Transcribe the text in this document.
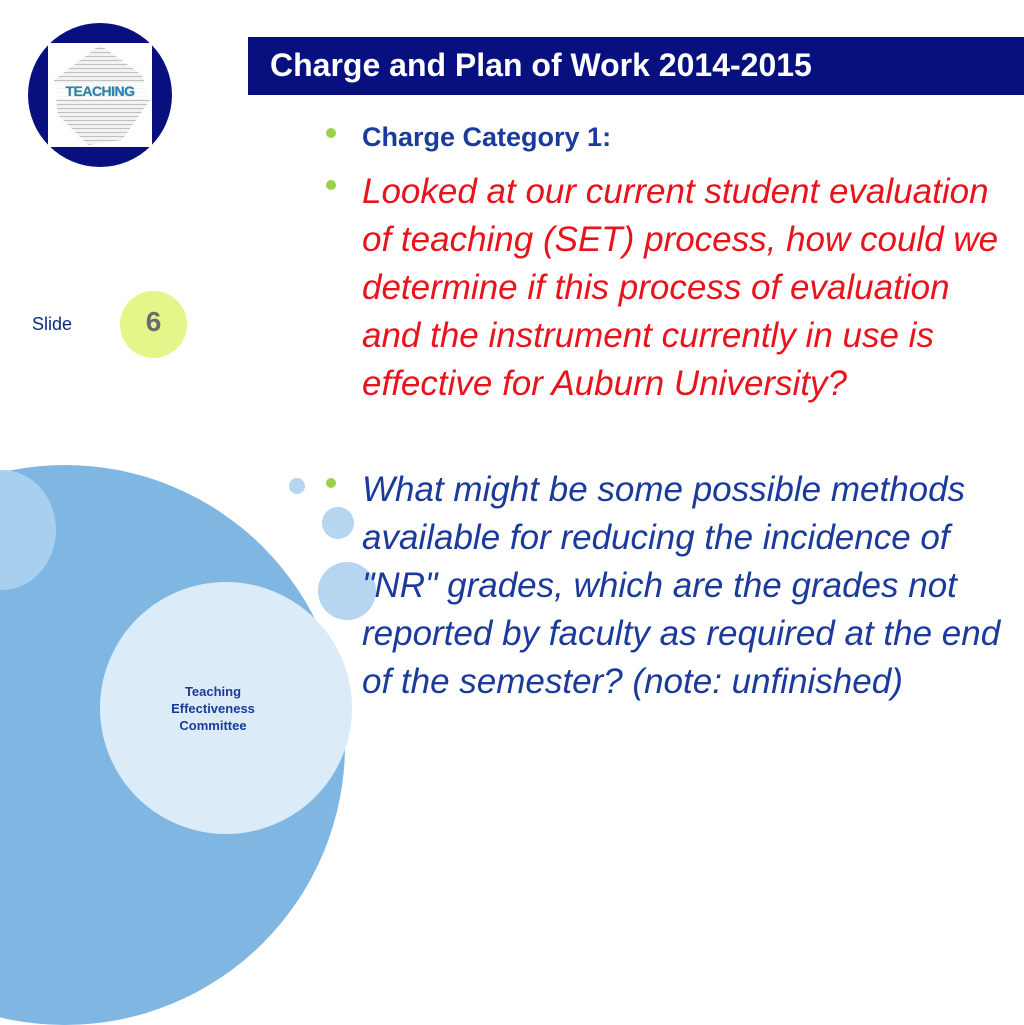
TEACHING
Charge and Plan of Work 2014-2015
Slide	6
Teaching
Effectiveness
Committee

Charge Category 1:

Looked at our current student evaluation of teaching (SET) process, how could we determine if this process of evaluation and the instrument currently in use is effective for Auburn University?

What might be some possible methods available for reducing the incidence of "NR" grades, which are the grades not reported by faculty as required at the end of the semester? (note: unfinished)
